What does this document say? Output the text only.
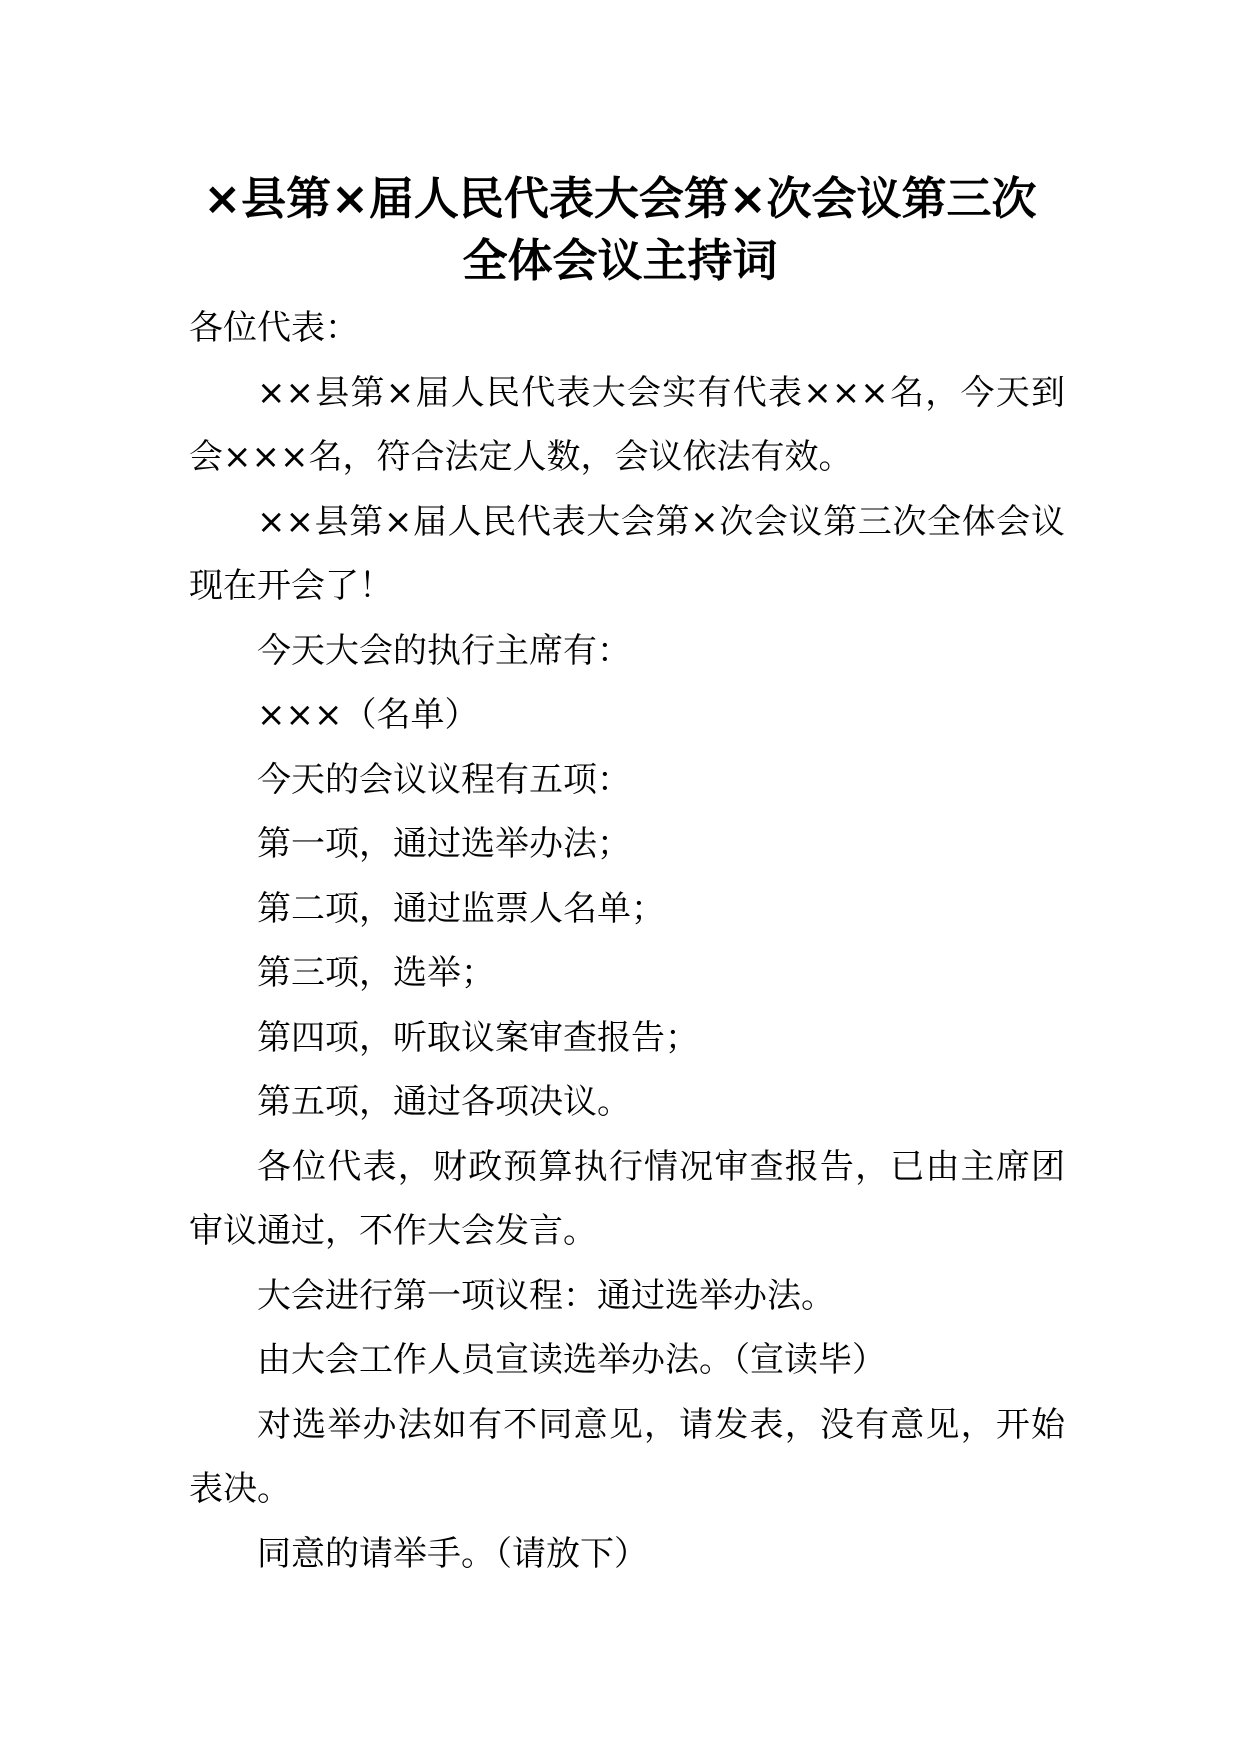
×县第×届人民代表大会第×次会议第三次
全体会议主持词

各位代表：

××县第×届人民代表大会实有代表×××名，今天到会×××名，符合法定人数，会议依法有效。

××县第×届人民代表大会第×次会议第三次全体会议现在开会了！

今天大会的执行主席有：

×××（名单）

今天的会议议程有五项：

第一项，通过选举办法；

第二项，通过监票人名单；

第三项，选举；

第四项，听取议案审查报告；

第五项，通过各项决议。

各位代表，财政预算执行情况审查报告，已由主席团审议通过，不作大会发言。

大会进行第一项议程：通过选举办法。

由大会工作人员宣读选举办法。（宣读毕）

对选举办法如有不同意见，请发表，没有意见，开始表决。

同意的请举手。（请放下）
